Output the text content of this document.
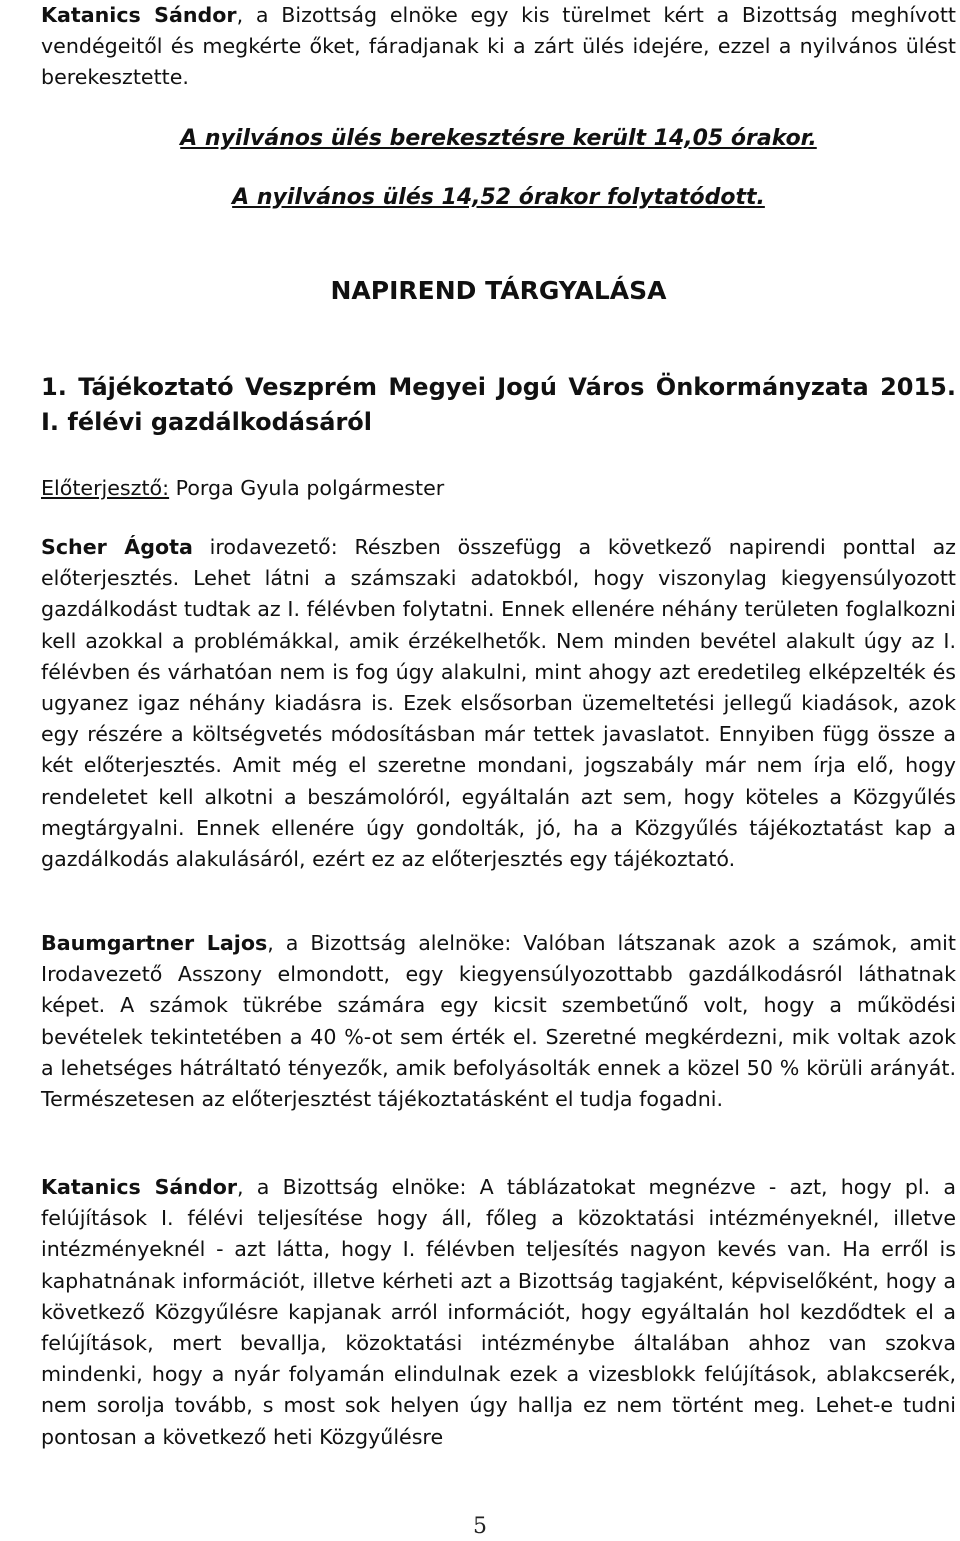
Katanics Sándor, a Bizottság elnöke egy kis türelmet kért a Bizottság meghívott vendégeitől és megkérte őket, fáradjanak ki a zárt ülés idejére, ezzel a nyilvános ülést berekesztette.

A nyilvános ülés berekesztésre került 14,05 órakor.
A nyilvános ülés 14,52 órakor folytatódott.
NAPIREND TÁRGYALÁSA
1. Tájékoztató Veszprém Megyei Jogú Város Önkormányzata 2015. I. félévi gazdálkodásáról

Előterjesztő: Porga Gyula polgármester

Scher Ágota irodavezető: Részben összefügg a következő napirendi ponttal az előterjesztés. Lehet látni a számszaki adatokból, hogy viszonylag kiegyensúlyozott gazdálkodást tudtak az I. félévben folytatni. Ennek ellenére néhány területen foglalkozni kell azokkal a problémákkal, amik érzékelhetők. Nem minden bevétel alakult úgy az I. félévben és várhatóan nem is fog úgy alakulni, mint ahogy azt eredetileg elképzelték és ugyanez igaz néhány kiadásra is. Ezek elsősorban üzemeltetési jellegű kiadások, azok egy részére a költségvetés módosításban már tettek javaslatot. Ennyiben függ össze a két előterjesztés. Amit még el szeretne mondani, jogszabály már nem írja elő, hogy rendeletet kell alkotni a beszámolóról, egyáltalán azt sem, hogy köteles a Közgyűlés megtárgyalni. Ennek ellenére úgy gondolták, jó, ha a Közgyűlés tájékoztatást kap a gazdálkodás alakulásáról, ezért ez az előterjesztés egy tájékoztató.

Baumgartner Lajos, a Bizottság alelnöke: Valóban látszanak azok a számok, amit Irodavezető Asszony elmondott, egy kiegyensúlyozottabb gazdálkodásról láthatnak képet. A számok tükrébe számára egy kicsit szembetűnő volt, hogy a működési bevételek tekintetében a 40 %-ot sem érték el. Szeretné megkérdezni, mik voltak azok a lehetséges hátráltató tényezők, amik befolyásolták ennek a közel 50 % körüli arányát. Természetesen az előterjesztést tájékoztatásként el tudja fogadni.

Katanics Sándor, a Bizottság elnöke: A táblázatokat megnézve - azt, hogy pl. a felújítások I. félévi teljesítése hogy áll, főleg a közoktatási intézményeknél, illetve intézményeknél - azt látta, hogy I. félévben teljesítés nagyon kevés van. Ha erről is kaphatnának információt, illetve kérheti azt a Bizottság tagjaként, képviselőként, hogy a következő Közgyűlésre kapjanak arról információt, hogy egyáltalán hol kezdődtek el a felújítások, mert bevallja, közoktatási intézménybe általában ahhoz van szokva mindenki, hogy a nyár folyamán elindulnak ezek a vizesblokk felújítások, ablakcserék, nem sorolja tovább, s most sok helyen úgy hallja ez nem történt meg. Lehet-e tudni pontosan a következő heti Közgyűlésre

5
